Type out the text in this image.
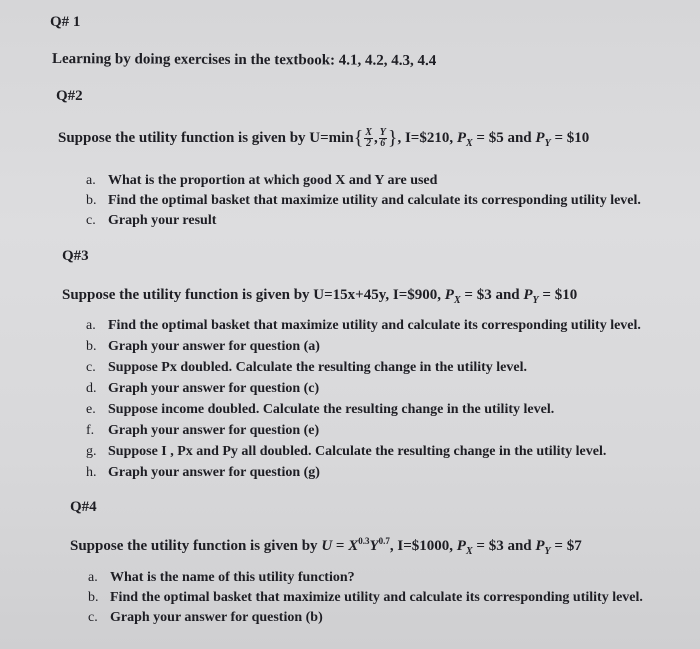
Q# 1
Learning by doing exercises in the textbook: 4.1, 4.2, 4.3, 4.4
Q#2
Suppose the utility function is given by $U=\min\{ \frac{X}{2}$ , $\frac{Y}{6}$ }, I=$210, $P_X$ = $5 and $P_Y$ = $10
a. What is the proportion at which good X and Y are used
b. Find the optimal basket that maximize utility and calculate its corresponding utility level.
c. Graph your result
Q#3
Suppose the utility function is given by U=15x+45y, I=$900, $P_X$ = $3 and $P_Y$ = $10
a. Find the optimal basket that maximize utility and calculate its corresponding utility level.
b. Graph your answer for question (a)
c. Suppose Px doubled. Calculate the resulting change in the utility level.
d. Graph your answer for question (c)
e. Suppose income doubled. Calculate the resulting change in the utility level.
f. Graph your answer for question (e)
g. Suppose I , Px and Py all doubled. Calculate the resulting change in the utility level.
h. Graph your answer for question (g)
Q#4
Suppose the utility function is given by $U = X^{0.3}Y^{0.7}$, I=$1000, $P_X$ = $3 and $P_Y$ = $7
a. What is the name of this utility function?
b. Find the optimal basket that maximize utility and calculate its corresponding utility level.
c. Graph your answer for question (b)
